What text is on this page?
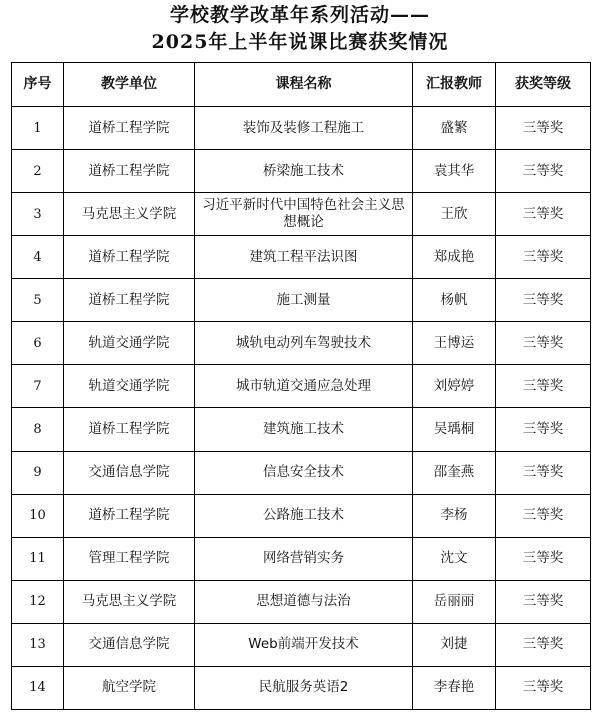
学校教学改革年系列活动——
2025年上半年说课比赛获奖情况
序号	教学单位	课程名称	汇报教师	获奖等级
1	道桥工程学院	装饰及装修工程施工	盛繁	三等奖
2	道桥工程学院	桥梁施工技术	袁其华	三等奖
3	马克思主义学院	习近平新时代中国特色社会主义思想概论	王欣	三等奖
4	道桥工程学院	建筑工程平法识图	郑成艳	三等奖
5	道桥工程学院	施工测量	杨帆	三等奖
6	轨道交通学院	城轨电动列车驾驶技术	王博运	三等奖
7	轨道交通学院	城市轨道交通应急处理	刘婷婷	三等奖
8	道桥工程学院	建筑施工技术	吴瑀桐	三等奖
9	交通信息学院	信息安全技术	邵奎燕	三等奖
10	道桥工程学院	公路施工技术	李杨	三等奖
11	管理工程学院	网络营销实务	沈文	三等奖
12	马克思主义学院	思想道德与法治	岳丽丽	三等奖
13	交通信息学院	Web前端开发技术	刘捷	三等奖
14	航空学院	民航服务英语2	李春艳	三等奖
